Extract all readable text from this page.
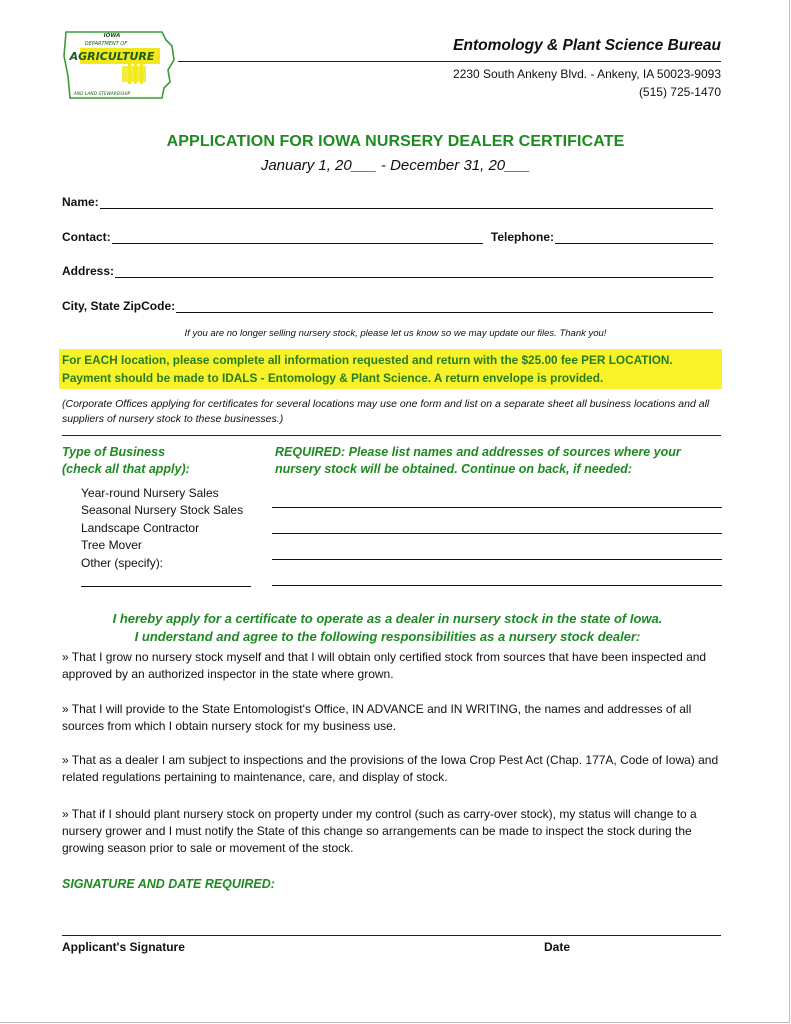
IOWA
DEPARTMENT OF
AGRICULTURE
AND LAND STEWARDSHIP
Entomology & Plant Science Bureau
2230 South Ankeny Blvd. - Ankeny, IA 50023-9093
(515) 725-1470
APPLICATION FOR IOWA NURSERY DEALER CERTIFICATE
January 1, 20___ - December 31, 20___
Name:
Contact:	Telephone:
Address:
City, State ZipCode:
If you are no longer selling nursery stock, please let us know so we may update our files. Thank you!
For EACH location, please complete all information requested and return with the $25.00 fee PER LOCATION.
Payment should be made to IDALS - Entomology & Plant Science. A return envelope is provided.
(Corporate Offices applying for certificates for several locations may use one form and list on a separate sheet all business locations and all suppliers of nursery stock to these businesses.)
Type of Business
(check all that apply):
REQUIRED: Please list names and addresses of sources where your
nursery stock will be obtained. Continue on back, if needed:
Year-round Nursery Sales
Seasonal Nursery Stock Sales
Landscape Contractor
Tree Mover
Other (specify):
I hereby apply for a certificate to operate as a dealer in nursery stock in the state of Iowa.
I understand and agree to the following responsibilities as a nursery stock dealer:
» That I grow no nursery stock myself and that I will obtain only certified stock from sources that have been inspected and approved by an authorized inspector in the state where grown.
» That I will provide to the State Entomologist's Office, IN ADVANCE and IN WRITING, the names and addresses of all sources from which I obtain nursery stock for my business use.
» That as a dealer I am subject to inspections and the provisions of the Iowa Crop Pest Act (Chap. 177A, Code of Iowa) and related regulations pertaining to maintenance, care, and display of stock.
» That if I should plant nursery stock on property under my control (such as carry-over stock), my status will change to a nursery grower and I must notify the State of this change so arrangements can be made to inspect the stock during the growing season prior to sale or movement of the stock.
SIGNATURE AND DATE REQUIRED:
Applicant's Signature	Date
